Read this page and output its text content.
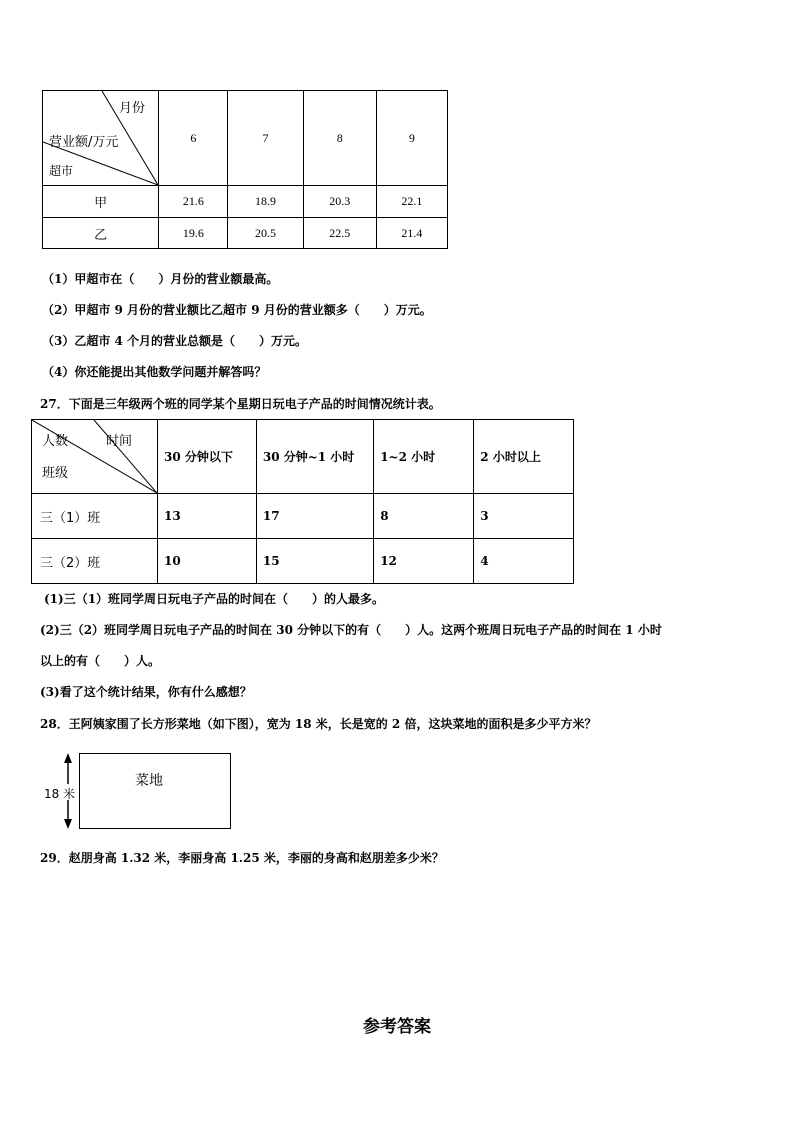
月份
营业额/万元
超市	6	7	8	9
甲	21.6	18.9	20.3	22.1
乙	19.6	20.5	22.5	21.4
（1）甲超市在（　　）月份的营业额最高。
（2）甲超市 9 月份的营业额比乙超市 9 月份的营业额多（　　）万元。
（3）乙超市 4 个月的营业总额是（　　）万元。
（4）你还能提出其他数学问题并解答吗？
27．下面是三年级两个班的同学某个星期日玩电子产品的时间情况统计表。
人数 时间
班级	30 分钟以下	30 分钟~1 小时	1~2 小时	2 小时以上
三（1）班	13	17	8	3
三（2）班	10	15	12	4
(1)三（1）班同学周日玩电子产品的时间在（　　）的人最多。
(2)三（2）班同学周日玩电子产品的时间在 30 分钟以下的有（　　）人。这两个班周日玩电子产品的时间在 1 小时
以上的有（　　）人。
(3)看了这个统计结果，你有什么感想？
28．王阿姨家围了长方形菜地（如下图），宽为 18 米，长是宽的 2 倍，这块菜地的面积是多少平方米？
菜地
18 米
29．赵朋身高 1.32 米，李丽身高 1.25 米，李丽的身高和赵朋差多少米？
参考答案
